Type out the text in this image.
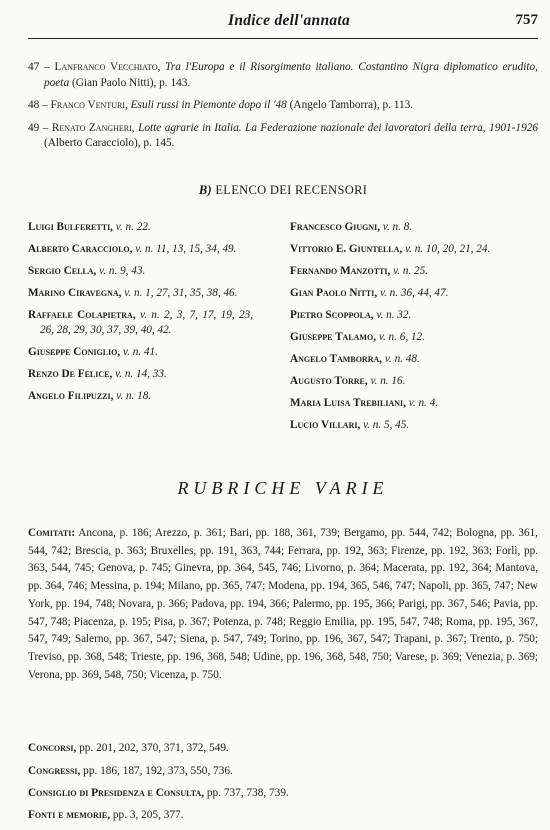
Indice dell'annata	757
47 – Lanfranco Vecchiato, Tra l'Europa e il Risorgimento italiano. Costantino Nigra diplomatico erudito, poeta (Gian Paolo Nitti), p. 143.
48 – Franco Venturi, Esuli russi in Piemonte dopo il '48 (Angelo Tamborra), p. 113.
49 – Renato Zangheri, Lotte agrarie in Italia. La Federazione nazionale dei lavoratori della terra, 1901-1926 (Alberto Caracciolo), p. 145.
B) ELENCO DEI RECENSORI
Luigi Bulferetti, v. n. 22.
Alberto Caracciolo, v. n. 11, 13, 15, 34, 49.
Sergio Cella, v. n. 9, 43.
Marino Ciravegna, v. n. 1, 27, 31, 35, 38, 46.
Raffaele Colapietra, v. n. 2, 3, 7, 17, 19, 23, 26, 28, 29, 30, 37, 39, 40, 42.
Giuseppe Coniglio, v. n. 41.
Renzo De Felice, v. n. 14, 33.
Angelo Filipuzzi, v. n. 18.
Francesco Giugni, v. n. 8.
Vittorio E. Giuntella, v. n. 10, 20, 21, 24.
Fernando Manzotti, v. n. 25.
Gian Paolo Nitti, v. n. 36, 44, 47.
Pietro Scoppola, v. n. 32.
Giuseppe Talamo, v. n. 6, 12.
Angelo Tamborra, v. n. 48.
Augusto Torre, v. n. 16.
Maria Luisa Trebiliani, v. n. 4.
Lucio Villari, v. n. 5, 45.
RUBRICHE VARIE
Comitati: Ancona, p. 186; Arezzo, p. 361; Bari, pp. 188, 361, 739; Bergamo, pp. 544, 742; Bologna, pp. 361, 544, 742; Brescia, p. 363; Bruxelles, pp. 191, 363, 744; Ferrara, pp. 192, 363; Firenze, pp. 192, 363; Forlì, pp. 363, 544, 745; Genova, p. 745; Ginevra, pp. 364, 545, 746; Livorno, p. 364; Macerata, pp. 192, 364; Mantova, pp. 364, 746; Messina, p. 194; Milano, pp. 365, 747; Modena, pp. 194, 365, 546, 747; Napoli, pp. 365, 747; New York, pp. 194, 748; Novara, p. 366; Padova, pp. 194, 366; Palermo, pp. 195, 366; Parigi, pp. 367, 546; Pavia, pp. 547, 748; Piacenza, p. 195; Pisa, p. 367; Potenza, p. 748; Reggio Emilia, pp. 195, 547, 748; Roma, pp. 195, 367, 547, 749; Salerno, pp. 367, 547; Siena, p. 547, 749; Torino, pp. 196, 367, 547; Trapani, p. 367; Trento, p. 750; Treviso, pp. 368, 548; Trieste, pp. 196, 368, 548; Udine, pp. 196, 368, 548, 750; Varese, p. 369; Venezia, p. 369; Verona, pp. 369, 548, 750; Vicenza, p. 750.
Concorsi, pp. 201, 202, 370, 371, 372, 549.
Congressi, pp. 186, 187, 192, 373, 550, 736.
Consiglio di Presidenza e Consulta, pp. 737, 738, 739.
Fonti e memorie, pp. 3, 205, 377.
